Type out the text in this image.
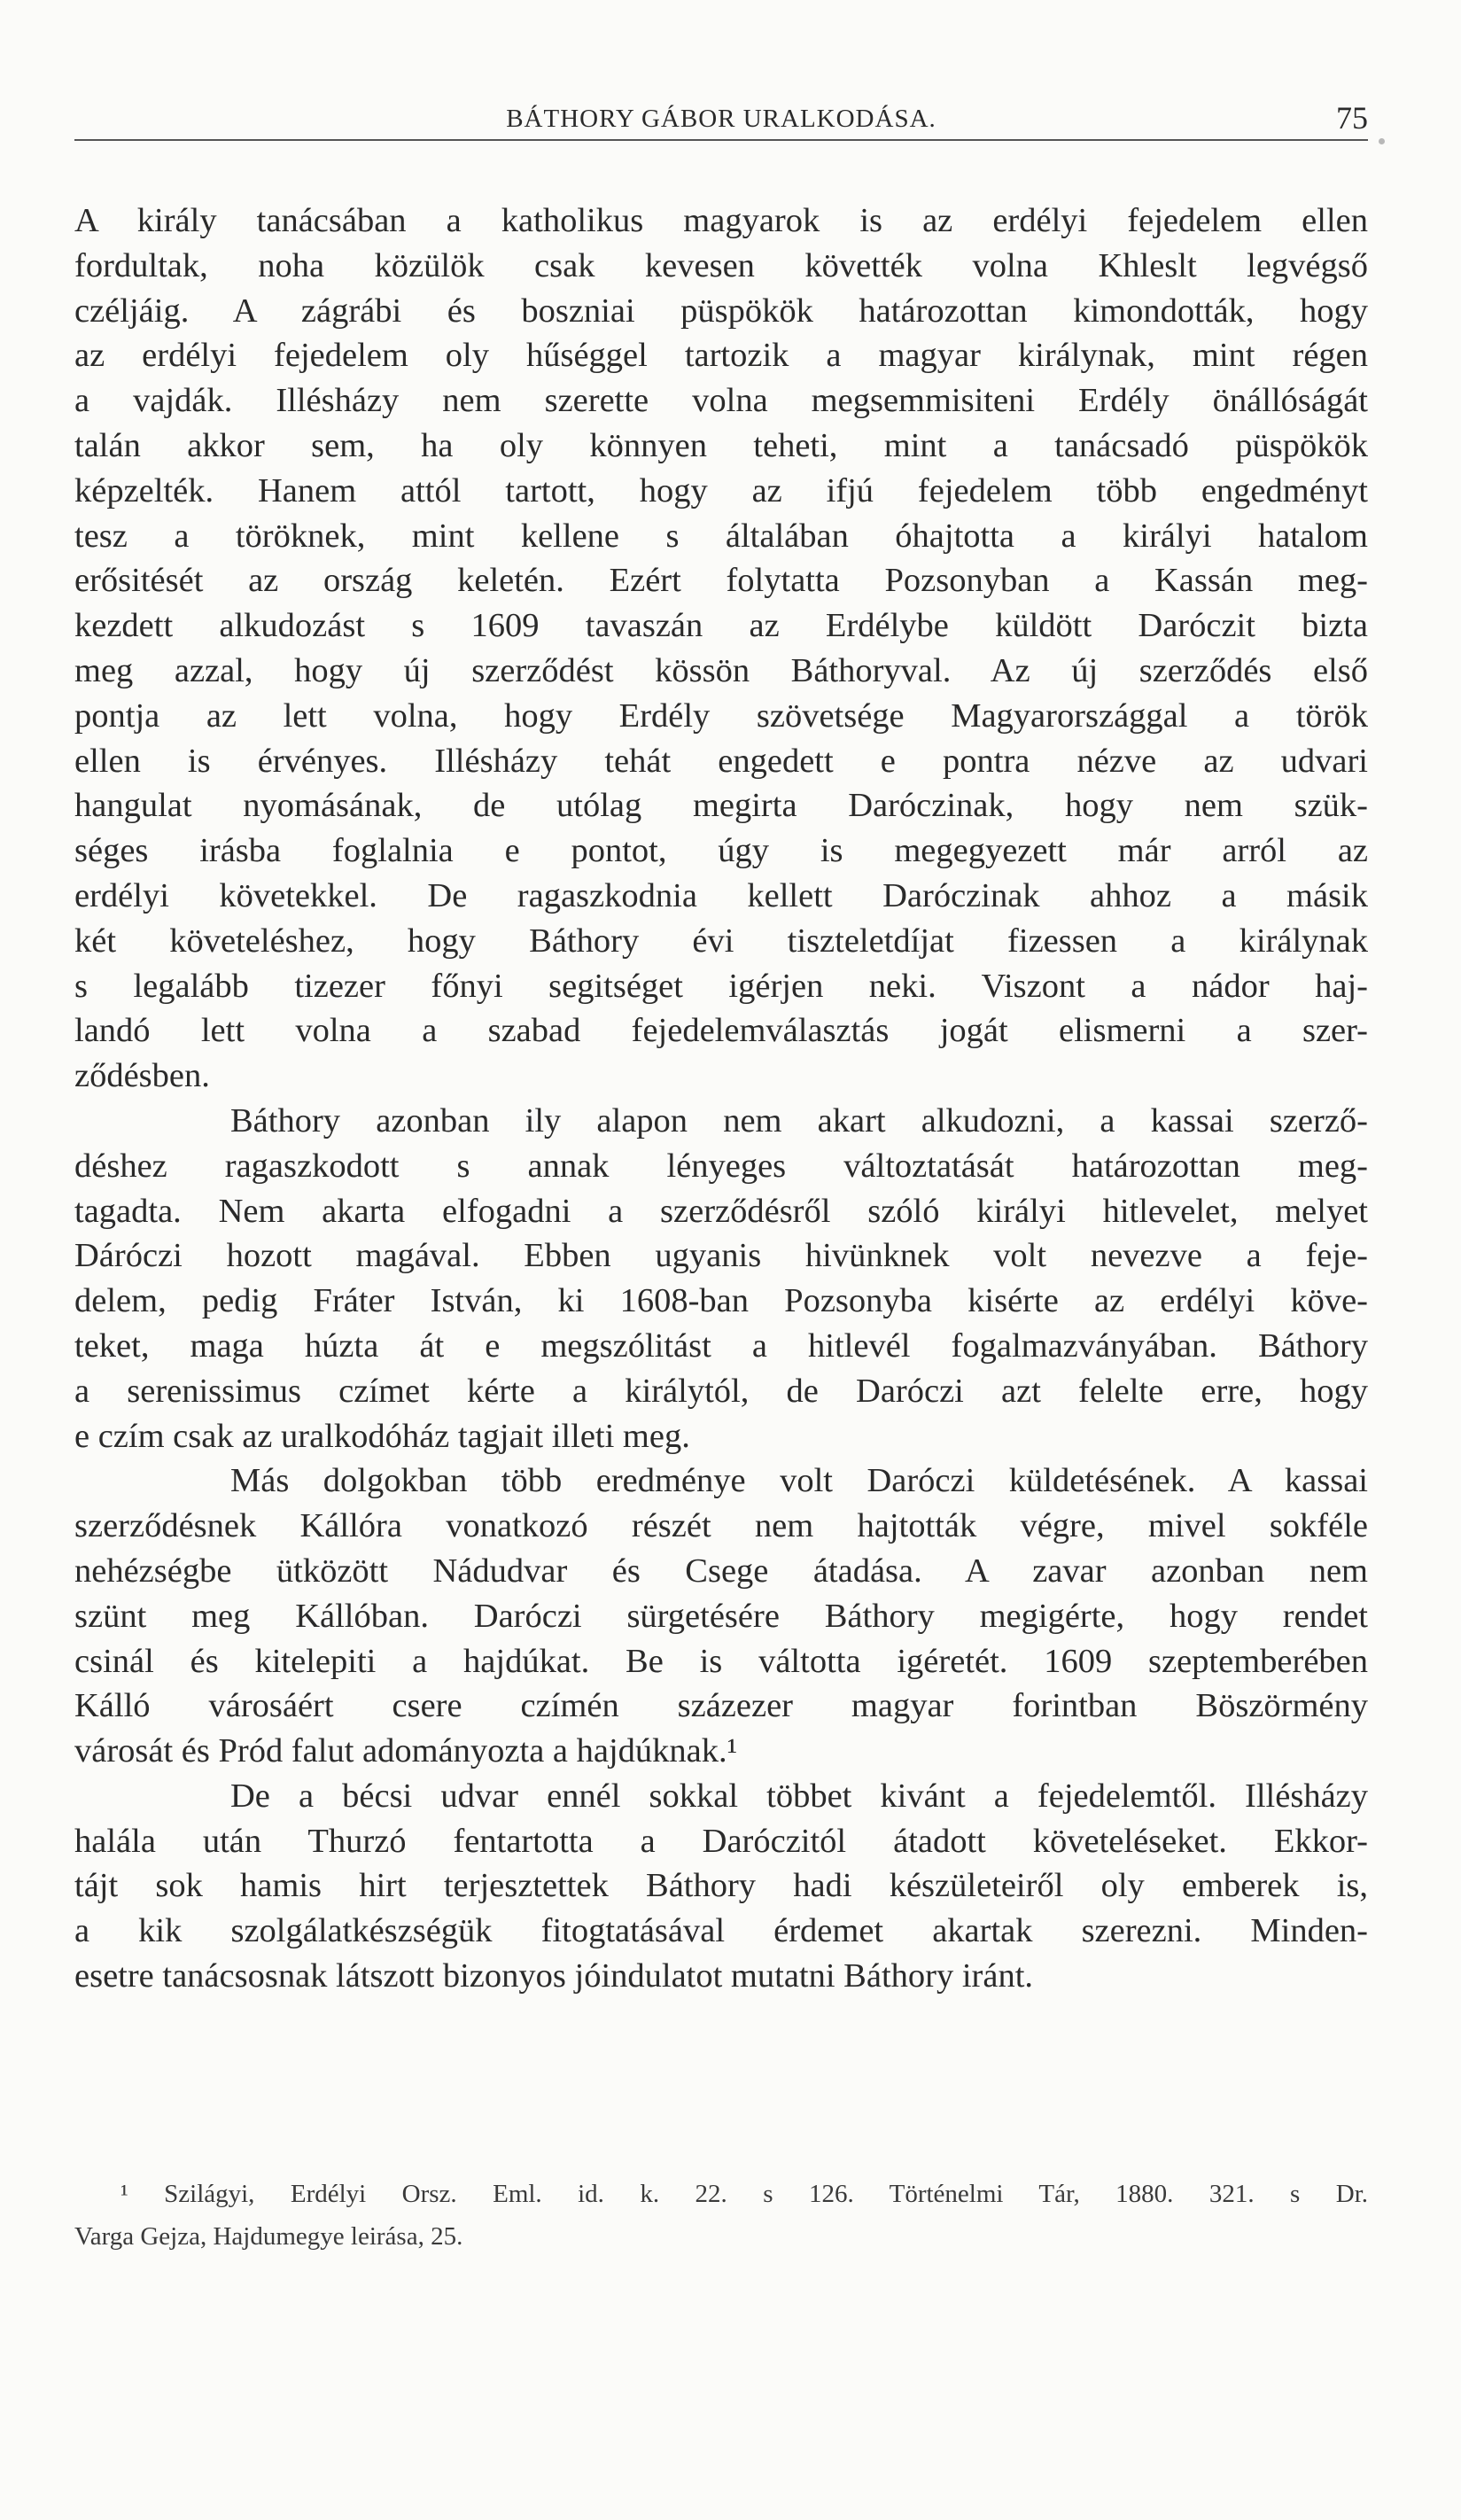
BÁTHORY GÁBOR URALKODÁSA.	75

A király tanácsában a katholikus magyarok is az erdélyi fejedelem ellen
fordultak, noha közülök csak kevesen követték volna Khleslt legvégső
czéljáig. A zágrábi és boszniai püspökök határozottan kimondották, hogy
az erdélyi fejedelem oly hűséggel tartozik a magyar királynak, mint régen
a vajdák. Illésházy nem szerette volna megsemmisiteni Erdély önállóságát
talán akkor sem, ha oly könnyen teheti, mint a tanácsadó püspökök
képzelték. Hanem attól tartott, hogy az ifjú fejedelem több engedményt
tesz a töröknek, mint kellene s általában óhajtotta a királyi hatalom
erősitését az ország keletén. Ezért folytatta Pozsonyban a Kassán meg-
kezdett alkudozást s 1609 tavaszán az Erdélybe küldött Daróczit bizta
meg azzal, hogy új szerződést kössön Báthoryval. Az új szerződés első
pontja az lett volna, hogy Erdély szövetsége Magyarországgal a török
ellen is érvényes. Illésházy tehát engedett e pontra nézve az udvari
hangulat nyomásának, de utólag megirta Daróczinak, hogy nem szük-
séges irásba foglalnia e pontot, úgy is megegyezett már arról az
erdélyi követekkel. De ragaszkodnia kellett Daróczinak ahhoz a másik
két követeléshez, hogy Báthory évi tiszteletdíjat fizessen a királynak
s legalább tizezer főnyi segitséget igérjen neki. Viszont a nádor haj-
landó lett volna a szabad fejedelemválasztás jogát elismerni a szer-
ződésben.

Báthory azonban ily alapon nem akart alkudozni, a kassai szerző-
déshez ragaszkodott s annak lényeges változtatását határozottan meg-
tagadta. Nem akarta elfogadni a szerződésről szóló királyi hitlevelet, melyet
Dáróczi hozott magával. Ebben ugyanis hivünknek volt nevezve a feje-
delem, pedig Fráter István, ki 1608-ban Pozsonyba kisérte az erdélyi köve-
teket, maga húzta át e megszólitást a hitlevél fogalmazványában. Báthory
a serenissimus czímet kérte a királytól, de Daróczi azt felelte erre, hogy
e czím csak az uralkodóház tagjait illeti meg.

Más dolgokban több eredménye volt Daróczi küldetésének. A kassai
szerződésnek Kállóra vonatkozó részét nem hajtották végre, mivel sokféle
nehézségbe ütközött Nádudvar és Csege átadása. A zavar azonban nem
szünt meg Kállóban. Daróczi sürgetésére Báthory megigérte, hogy rendet
csinál és kitelepiti a hajdúkat. Be is váltotta igéretét. 1609 szeptemberében
Kálló városáért csere czímén százezer magyar forintban Böszörmény
városát és Pród falut adományozta a hajdúknak.¹

De a bécsi udvar ennél sokkal többet kivánt a fejedelemtől. Illésházy
halála után Thurzó fentartotta a Daróczitól átadott követeléseket. Ekkor-
tájt sok hamis hirt terjesztettek Báthory hadi készületeiről oly emberek is,
a kik szolgálatkészségük fitogtatásával érdemet akartak szerezni. Minden-
esetre tanácsosnak látszott bizonyos jóindulatot mutatni Báthory iránt.

¹ Szilágyi, Erdélyi Orsz. Eml. id. k. 22. s 126. Történelmi Tár, 1880. 321. s Dr.
Varga Gejza, Hajdumegye leirása, 25.
